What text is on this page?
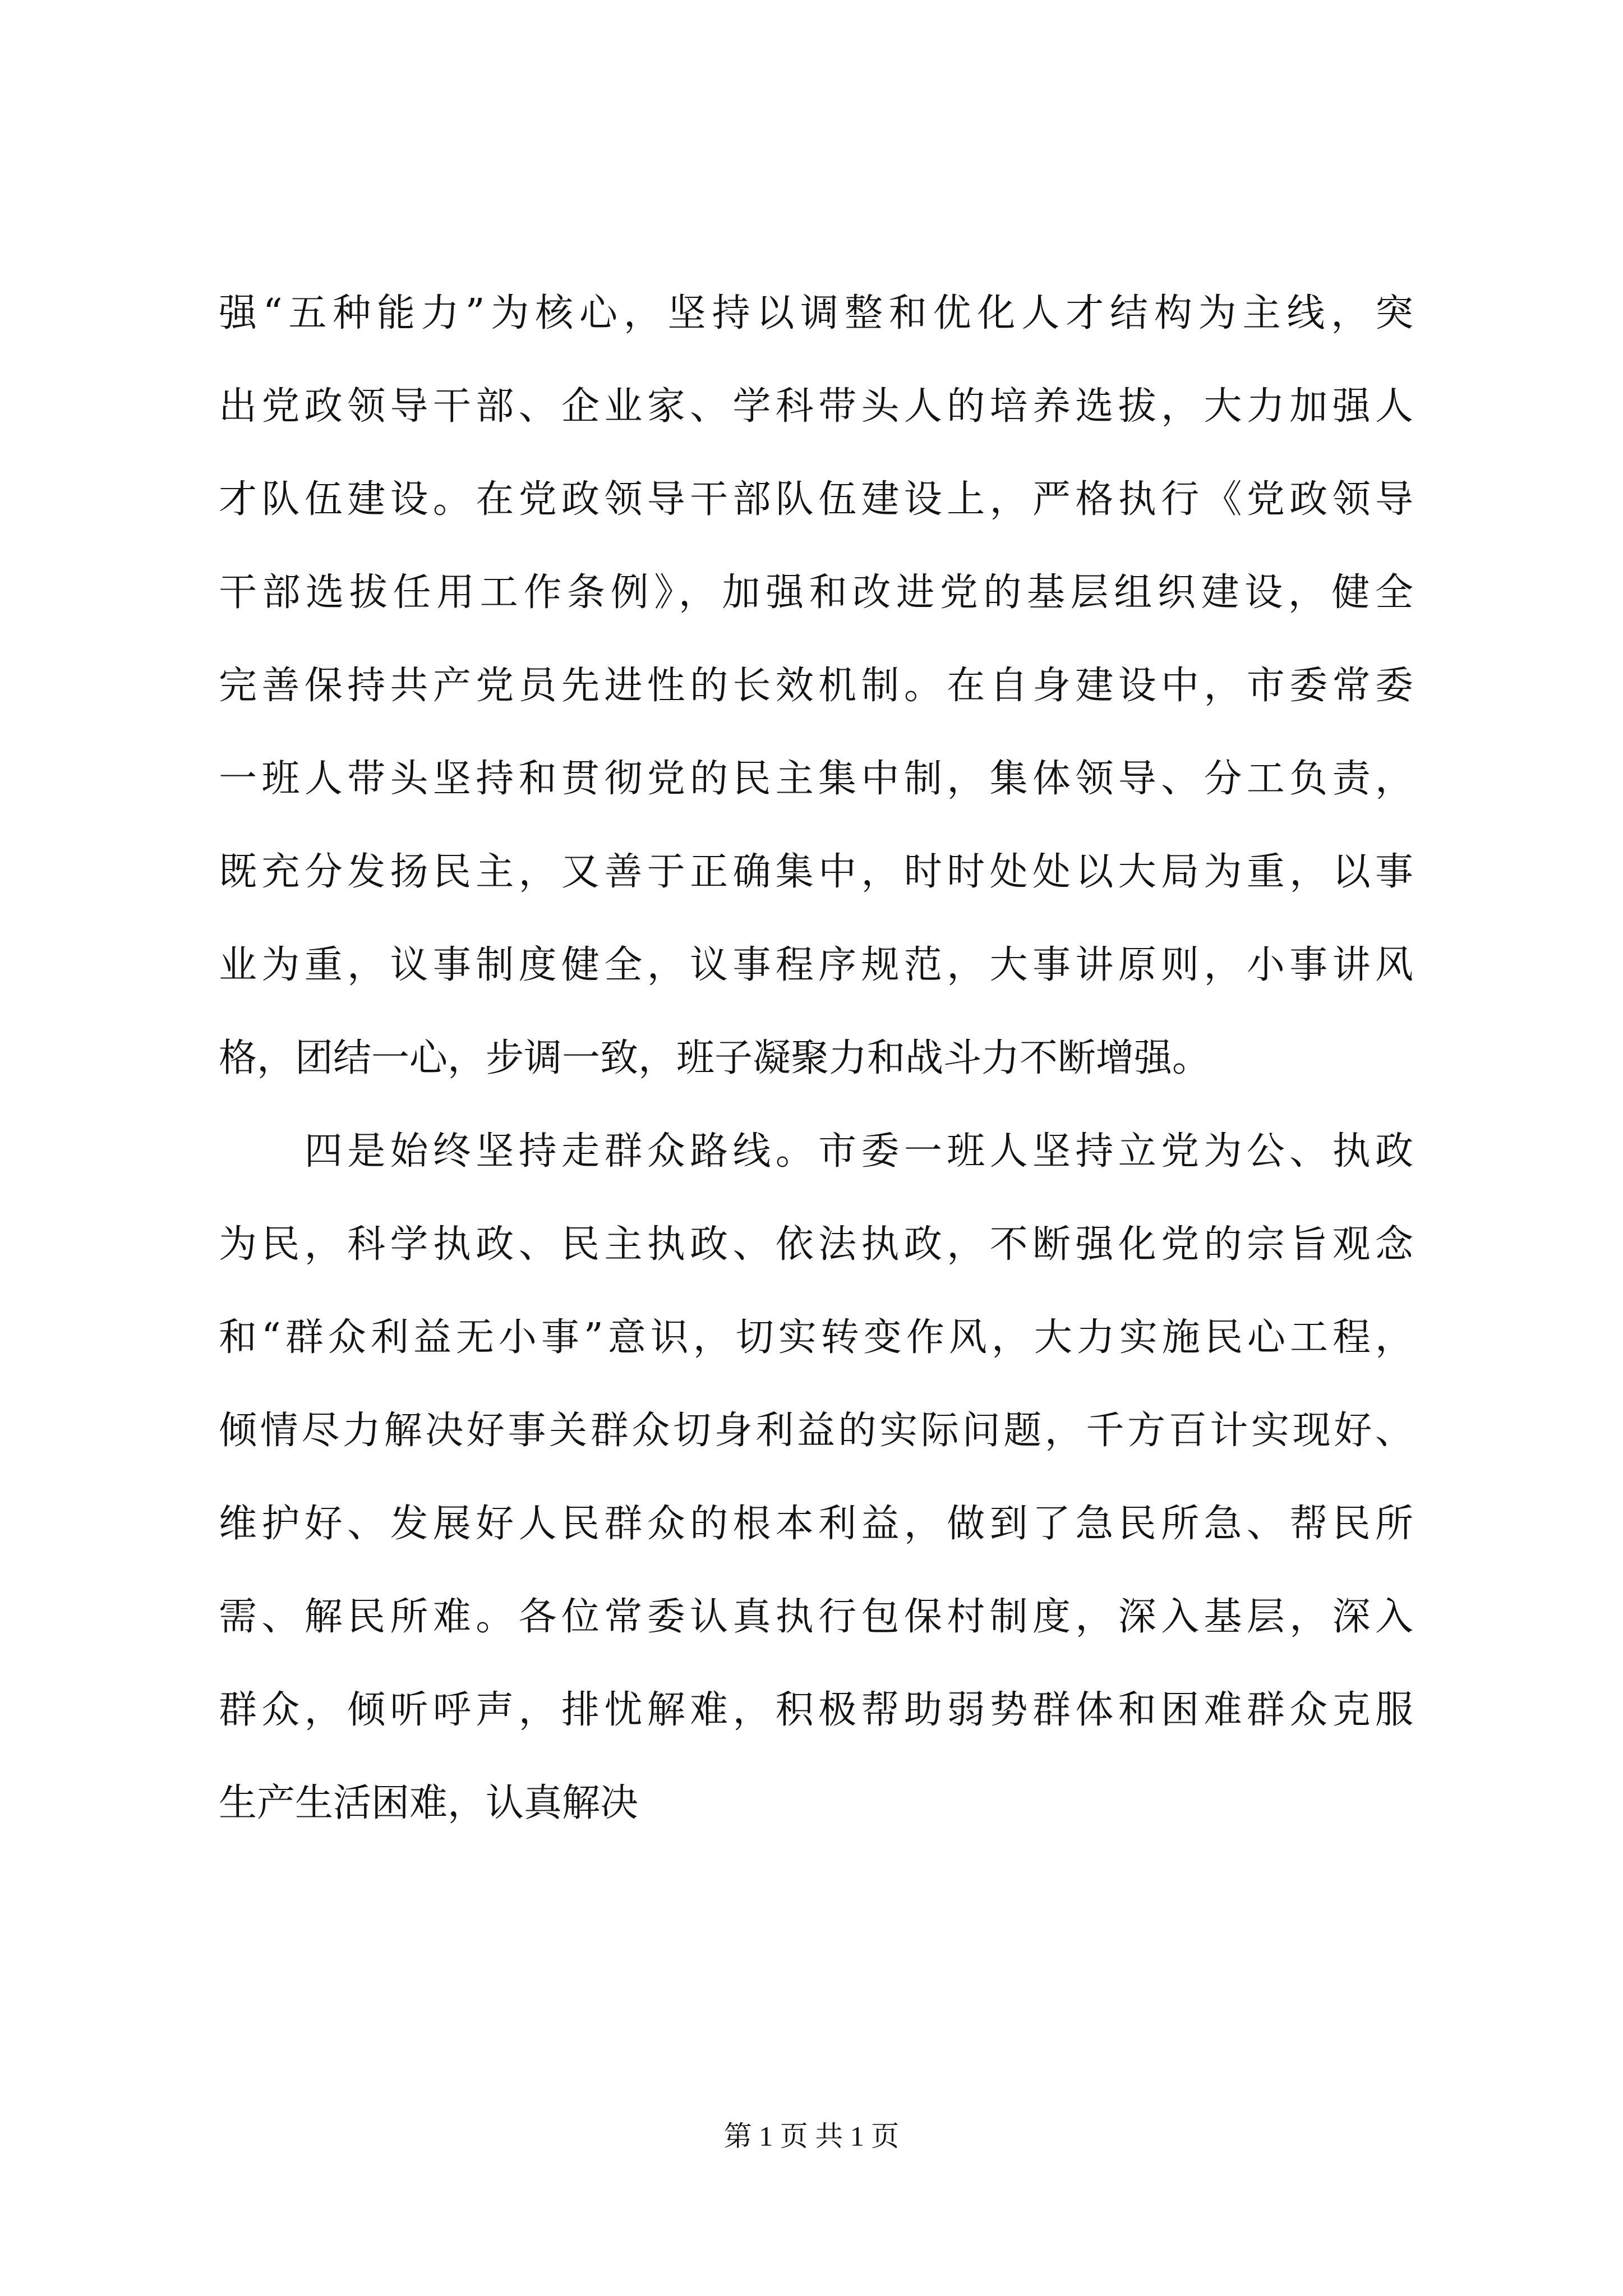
强“五种能力”为核心，坚持以调整和优化人才结构为主线，突
出党政领导干部、企业家、学科带头人的培养选拔，大力加强人
才队伍建设。在党政领导干部队伍建设上，严格执行《党政领导
干部选拔任用工作条例》，加强和改进党的基层组织建设，健全
完善保持共产党员先进性的长效机制。在自身建设中，市委常委
一班人带头坚持和贯彻党的民主集中制，集体领导、分工负责，
既充分发扬民主，又善于正确集中，时时处处以大局为重，以事
业为重，议事制度健全，议事程序规范，大事讲原则，小事讲风
格，团结一心，步调一致，班子凝聚力和战斗力不断增强。
　　四是始终坚持走群众路线。市委一班人坚持立党为公、执政
为民，科学执政、民主执政、依法执政，不断强化党的宗旨观念
和“群众利益无小事”意识，切实转变作风，大力实施民心工程，
倾情尽力解决好事关群众切身利益的实际问题，千方百计实现好、
维护好、发展好人民群众的根本利益，做到了急民所急、帮民所
需、解民所难。各位常委认真执行包保村制度，深入基层，深入
群众，倾听呼声，排忧解难，积极帮助弱势群体和困难群众克服
生产生活困难，认真解决
第 1 页 共 1 页
